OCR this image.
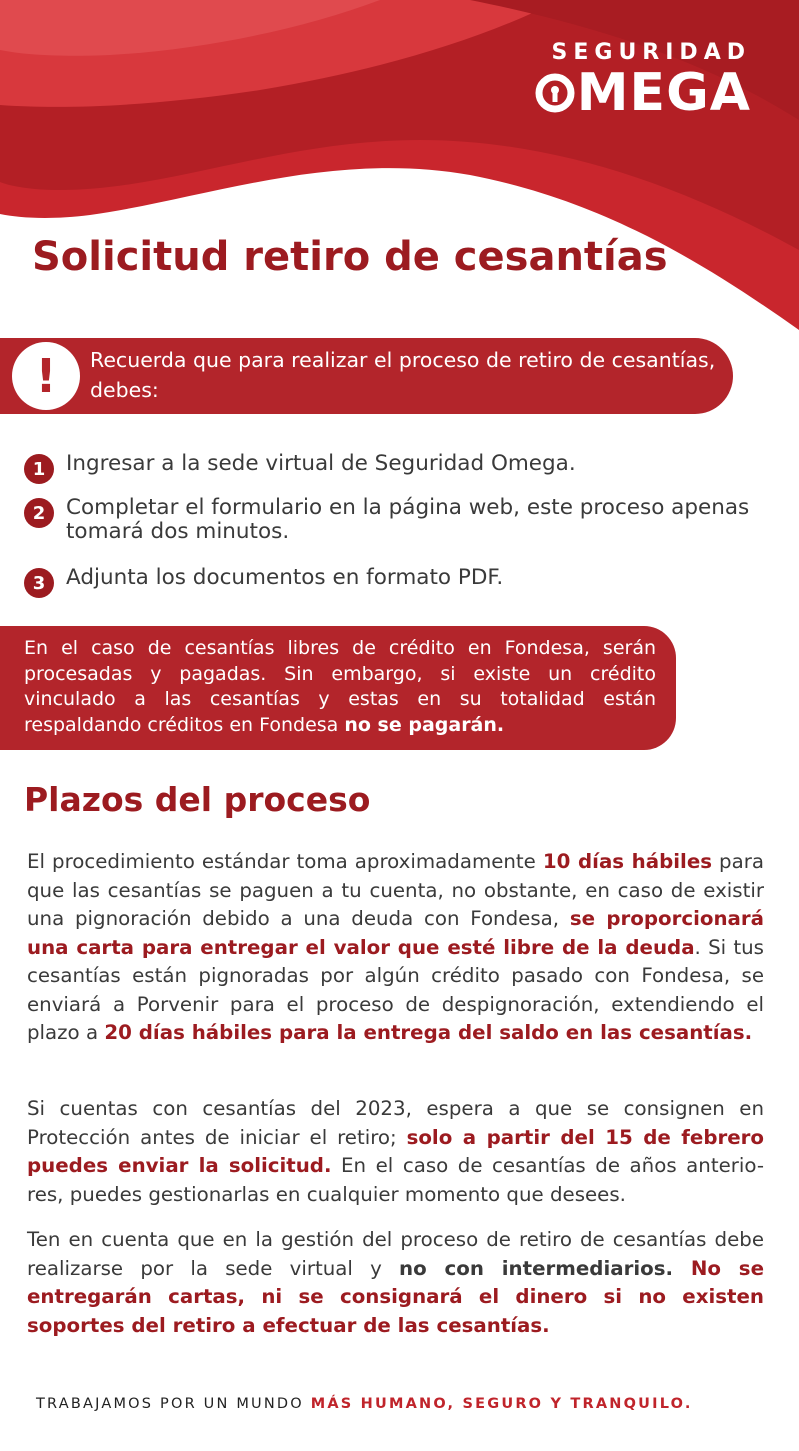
SEGURIDAD
MEGA
Solicitud retiro de cesantías
!	Recuerda que para realizar el proceso de retiro de cesantías, debes:
1 Ingresar a la sede virtual de Seguridad Omega.
2 Completar el formulario en la página web, este proceso apenas tomará dos minutos.
3 Adjunta los documentos en formato PDF.
En el caso de cesantías libres de crédito en Fondesa, serán procesadas y pagadas. Sin embargo, si existe un crédito vinculado a las cesantías y estas en su totalidad están respaldando créditos en Fondesa no se pagarán.
Plazos del proceso
El procedimiento estándar toma aproximadamente 10 días hábiles para que las cesantías se paguen a tu cuenta, no obstante, en caso de existir una pignoración debido a una deuda con Fondesa, se proporcionará una carta para entregar el valor que esté libre de la deuda. Si tus cesantías están pignoradas por algún crédito pasado con Fondesa, se enviará a Porvenir para el proceso de despignoración, extendiendo el plazo a 20 días hábiles para la entrega del saldo en las cesantías.
Si cuentas con cesantías del 2023, espera a que se consignen en Protección antes de iniciar el retiro; solo a partir del 15 de febrero puedes enviar la solicitud. En el caso de cesantías de años anterio-res, puedes gestionarlas en cualquier momento que desees.
Ten en cuenta que en la gestión del proceso de retiro de cesantías debe realizarse por la sede virtual y no con intermediarios. No se entregarán cartas, ni se consignará el dinero si no existen soportes del retiro a efectuar de las cesantías.
TRABAJAMOS POR UN MUNDO MÁS HUMANO, SEGURO Y TRANQUILO.
